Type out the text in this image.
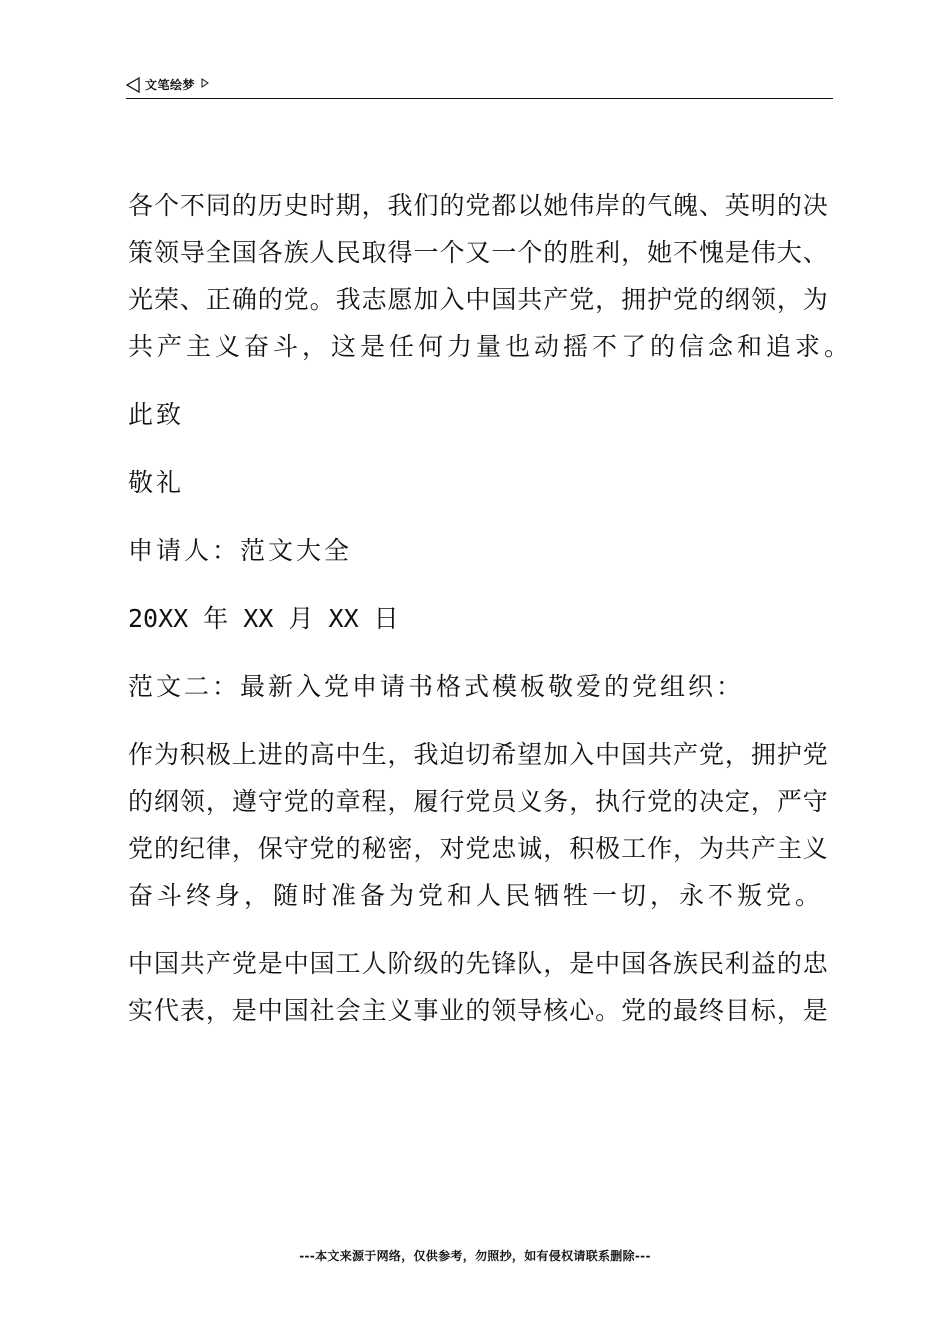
文笔绘梦
各 个 不 同 的 历 史 时 期 ， 我 们 的 党 都 以 她 伟 岸 的 气 魄 、 英 明 的 决
策 领 导 全 国 各 族 人 民 取 得 一 个 又 一 个 的 胜 利 ， 她 不 愧 是 伟 大 、
光 荣 、 正 确 的 党 。 我 志 愿 加 入 中 国 共 产 党 ， 拥 护 党 的 纲 领 ， 为
共产主义奋斗，这是任何力量也动摇不了的信念和追求。
此致
敬礼
申请人：范文大全
20XX 年 XX 月 XX 日
范文二：最新入党申请书格式模板敬爱的党组织：
作 为 积 极 上 进 的 高 中 生 ， 我 迫 切 希 望 加 入 中 国 共 产 党 ， 拥 护 党
的 纲 领 ， 遵 守 党 的 章 程 ， 履 行 党 员 义 务 ， 执 行 党 的 决 定 ， 严 守
党 的 纪 律 ， 保 守 党 的 秘 密 ， 对 党 忠 诚 ， 积 极 工 作 ， 为 共 产 主 义
奋斗终身，随时准备为党和人民牺牲一切，永不叛党。
中 国 共 产 党 是 中 国 工 人 阶 级 的 先 锋 队 ， 是 中 国 各 族 民 利 益 的 忠
实 代 表 ， 是 中 国 社 会 主 义 事 业 的 领 导 核 心 。 党 的 最 终 目 标 ， 是
---本文来源于网络，仅供参考，勿照抄，如有侵权请联系删除---
